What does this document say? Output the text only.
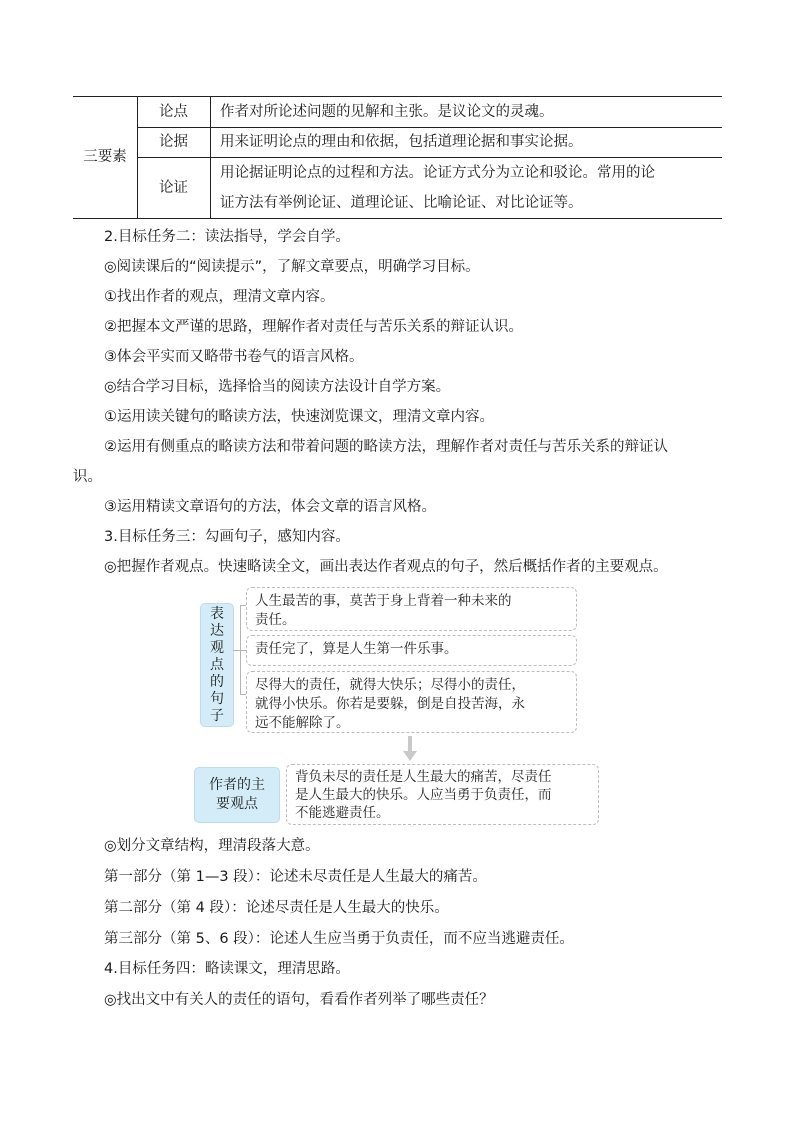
三要素
论点	作者对所论述问题的见解和主张。是议论文的灵魂。
论据	用来证明论点的理由和依据，包括道理论据和事实论据。
论证
用论据证明论点的过程和方法。论证方式分为立论和驳论。常用的论
证方法有举例论证、道理论证、比喻论证、对比论证等。
2.目标任务二：读法指导，学会自学。
◎阅读课后的“阅读提示”，了解文章要点，明确学习目标。
①找出作者的观点，理清文章内容。
②把握本文严谨的思路，理解作者对责任与苦乐关系的辩证认识。
③体会平实而又略带书卷气的语言风格。
◎结合学习目标，选择恰当的阅读方法设计自学方案。
①运用读关键句的略读方法，快速浏览课文，理清文章内容。
②运用有侧重点的略读方法和带着问题的略读方法，理解作者对责任与苦乐关系的辩证认
识。
③运用精读文章语句的方法，体会文章的语言风格。
3.目标任务三：勾画句子，感知内容。
◎把握作者观点。快速略读全文，画出表达作者观点的句子，然后概括作者的主要观点。
表达观点的句子
人生最苦的事，莫苦于身上背着一种未来的
责任。
责任完了，算是人生第一件乐事。
尽得大的责任，就得大快乐；尽得小的责任，
就得小快乐。你若是要躲，倒是自投苦海，永
远不能解除了。
作者的主
要观点
背负未尽的责任是人生最大的痛苦，尽责任
是人生最大的快乐。人应当勇于负责任，而
不能逃避责任。
◎划分文章结构，理清段落大意。
第一部分（第 1—3 段）：论述未尽责任是人生最大的痛苦。
第二部分（第 4 段）：论述尽责任是人生最大的快乐。
第三部分（第 5、6 段）：论述人生应当勇于负责任，而不应当逃避责任。
4.目标任务四：略读课文，理清思路。
◎找出文中有关人的责任的语句，看看作者列举了哪些责任？
